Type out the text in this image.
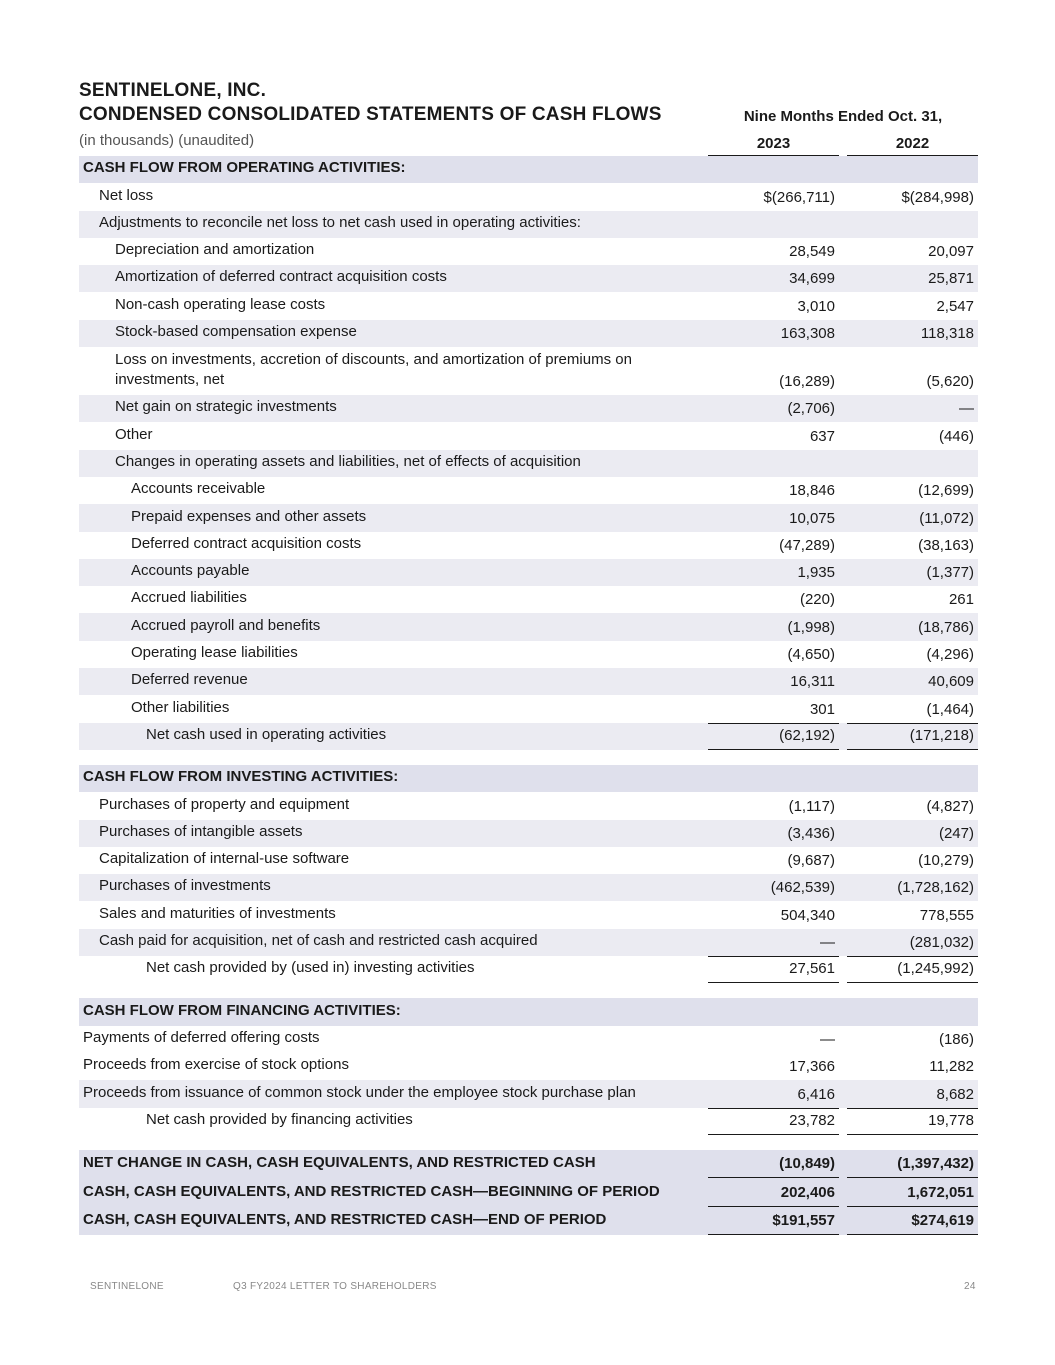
SENTINELONE, INC.
CONDENSED CONSOLIDATED STATEMENTS OF CASH FLOWS
(in thousands) (unaudited)
Nine Months Ended Oct. 31,
2023	2022
CASH FLOW FROM OPERATING ACTIVITIES:
Net loss	$(266,711)	$(284,998)
Adjustments to reconcile net loss to net cash used in operating activities:
Depreciation and amortization	28,549	20,097
Amortization of deferred contract acquisition costs	34,699	25,871
Non-cash operating lease costs	3,010	2,547
Stock-based compensation expense	163,308	118,318
Loss on investments, accretion of discounts, and amortization of premiums on investments, net	(16,289)	(5,620)
Net gain on strategic investments	(2,706)	—
Other	637	(446)
Changes in operating assets and liabilities, net of effects of acquisition
Accounts receivable	18,846	(12,699)
Prepaid expenses and other assets	10,075	(11,072)
Deferred contract acquisition costs	(47,289)	(38,163)
Accounts payable	1,935	(1,377)
Accrued liabilities	(220)	261
Accrued payroll and benefits	(1,998)	(18,786)
Operating lease liabilities	(4,650)	(4,296)
Deferred revenue	16,311	40,609
Other liabilities	301	(1,464)
Net cash used in operating activities	(62,192)	(171,218)
CASH FLOW FROM INVESTING ACTIVITIES:
Purchases of property and equipment	(1,117)	(4,827)
Purchases of intangible assets	(3,436)	(247)
Capitalization of internal-use software	(9,687)	(10,279)
Purchases of investments	(462,539)	(1,728,162)
Sales and maturities of investments	504,340	778,555
Cash paid for acquisition, net of cash and restricted cash acquired	—	(281,032)
Net cash provided by (used in) investing activities	27,561	(1,245,992)
CASH FLOW FROM FINANCING ACTIVITIES:
Payments of deferred offering costs	—	(186)
Proceeds from exercise of stock options	17,366	11,282
Proceeds from issuance of common stock under the employee stock purchase plan	6,416	8,682
Net cash provided by financing activities	23,782	19,778
NET CHANGE IN CASH, CASH EQUIVALENTS, AND RESTRICTED CASH	(10,849)	(1,397,432)
CASH, CASH EQUIVALENTS, AND RESTRICTED CASH—BEGINNING OF PERIOD	202,406	1,672,051
CASH, CASH EQUIVALENTS, AND RESTRICTED CASH—END OF PERIOD	$191,557	$274,619
SENTINELONE	Q3 FY2024 LETTER TO SHAREHOLDERS	24
